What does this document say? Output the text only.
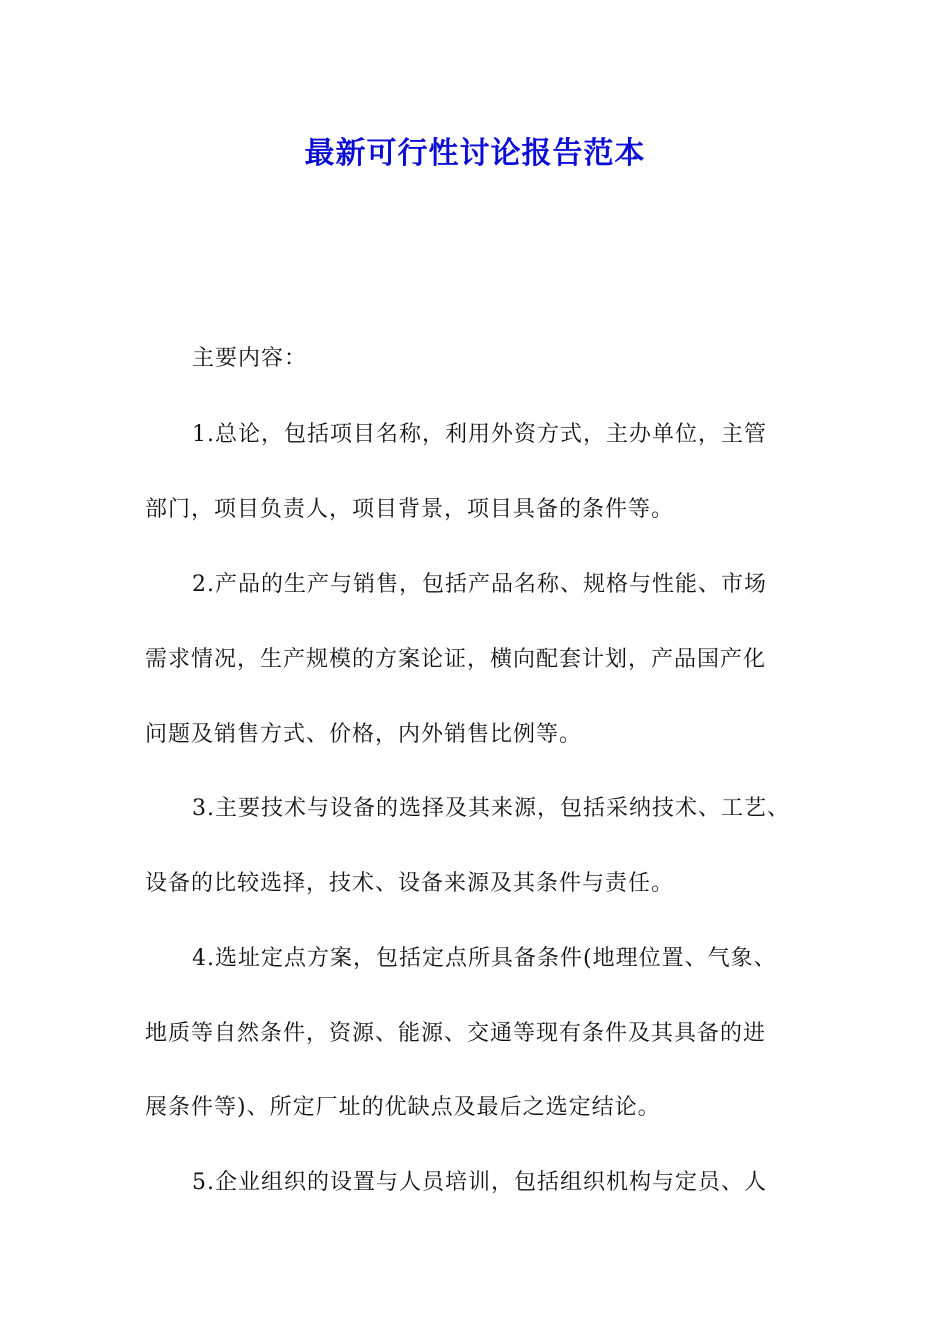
最新可行性讨论报告范本
主要内容：
1.总论，包括项目名称，利用外资方式，主办单位，主管
部门，项目负责人，项目背景，项目具备的条件等。
2.产品的生产与销售，包括产品名称、规格与性能、市场
需求情况，生产规模的方案论证，横向配套计划，产品国产化
问题及销售方式、价格，内外销售比例等。
3.主要技术与设备的选择及其来源，包括采纳技术、工艺、
设备的比较选择，技术、设备来源及其条件与责任。
4.选址定点方案，包括定点所具备条件(地理位置、气象、
地质等自然条件，资源、能源、交通等现有条件及其具备的进
展条件等)、所定厂址的优缺点及最后之选定结论。
5.企业组织的设置与人员培训，包括组织机构与定员、人
